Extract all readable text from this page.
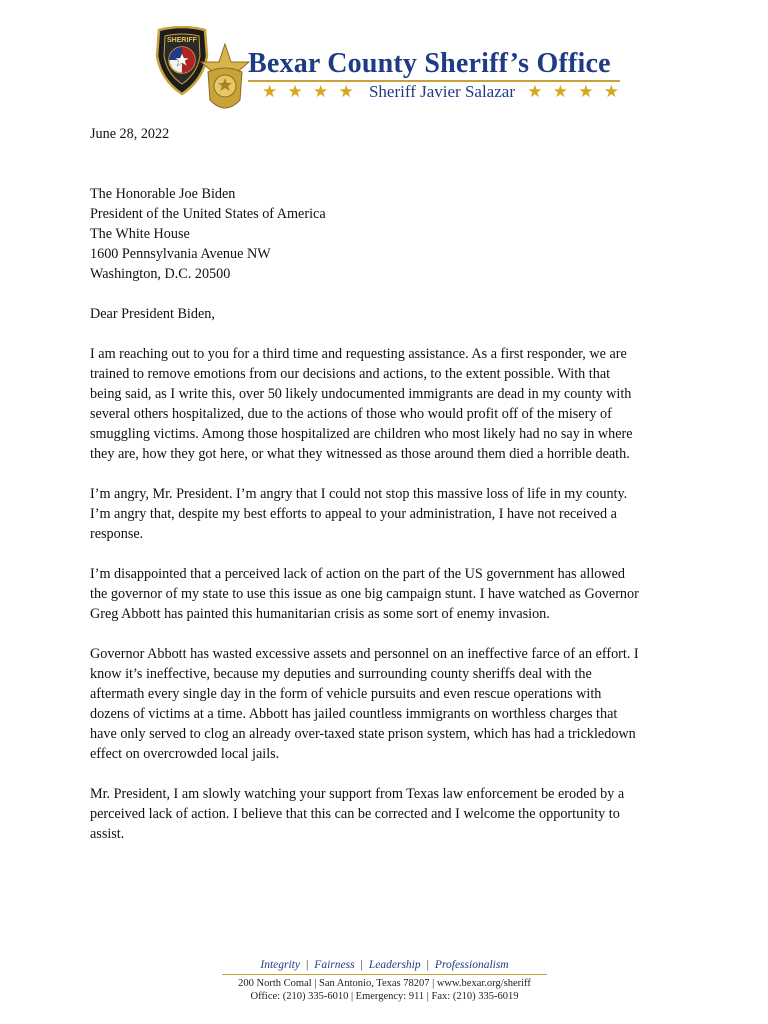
SHERIFF
Bexar County Sheriff’s Office
★ ★ ★ ★ Sheriff Javier Salazar ★ ★ ★ ★
June 28, 2022
The Honorable Joe Biden
President of the United States of America
The White House
1600 Pennsylvania Avenue NW
Washington, D.C. 20500
Dear President Biden,

I am reaching out to you for a third time and requesting assistance. As a first responder, we are

trained to remove emotions from our decisions and actions, to the extent possible. With that

being said, as I write this, over 50 likely undocumented immigrants are dead in my county with

several others hospitalized, due to the actions of those who would profit off of the misery of

smuggling victims. Among those hospitalized are children who most likely had no say in where

they are, how they got here, or what they witnessed as those around them died a horrible death.

I’m angry, Mr. President. I’m angry that I could not stop this massive loss of life in my county.

I’m angry that, despite my best efforts to appeal to your administration, I have not received a

response.

I’m disappointed that a perceived lack of action on the part of the US government has allowed

the governor of my state to use this issue as one big campaign stunt. I have watched as Governor

Greg Abbott has painted this humanitarian crisis as some sort of enemy invasion.

Governor Abbott has wasted excessive assets and personnel on an ineffective farce of an effort. I

know it’s ineffective, because my deputies and surrounding county sheriffs deal with the

aftermath every single day in the form of vehicle pursuits and even rescue operations with

dozens of victims at a time. Abbott has jailed countless immigrants on worthless charges that

have only served to clog an already over-taxed state prison system, which has had a trickledown

effect on overcrowded local jails.

Mr. President, I am slowly watching your support from Texas law enforcement be eroded by a

perceived lack of action. I believe that this can be corrected and I welcome the opportunity to

assist.

Integrity | Fairness | Leadership | Professionalism
200 North Comal | San Antonio, Texas 78207 | www.bexar.org/sheriff
Office: (210) 335-6010 | Emergency: 911 | Fax: (210) 335-6019
